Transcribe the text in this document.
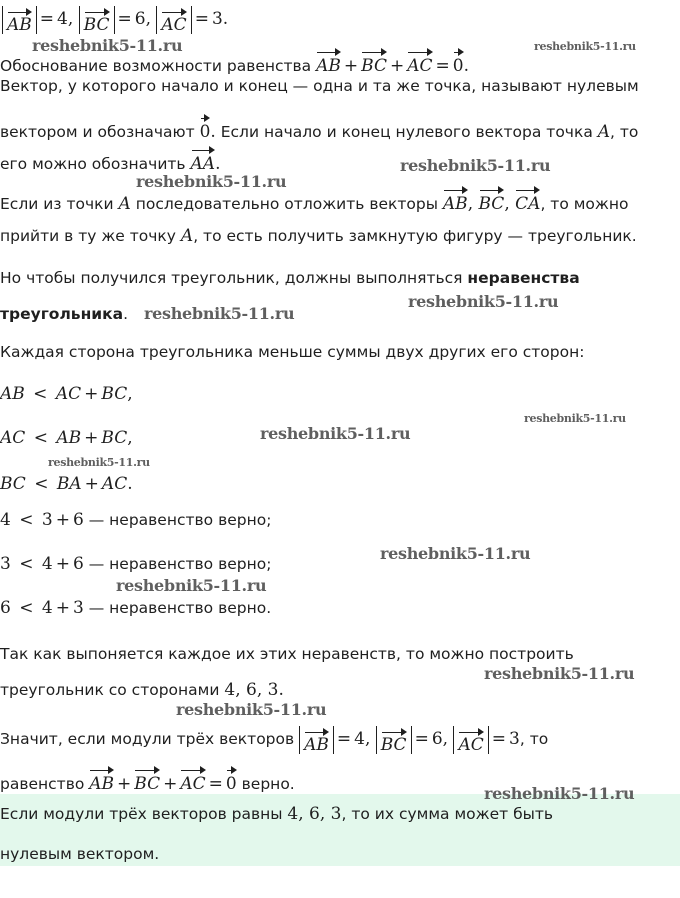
AB = 4, BC = 6, AC = 3.
Обоснование возможности равенства AB + BC + AC = 0.
Вектор, у которого начало и конец — одна и та же точка, называют нулевым
вектором и обозначают 0. Если начало и конец нулевого вектора точка A, то
его можно обозначить AA.
Если из точки A последовательно отложить векторы AB, BC, CA, то можно
прийти в ту же точку A, то есть получить замкнутую фигуру — треугольник.
Но чтобы получился треугольник, должны выполняться неравенства
треугольника.
Каждая сторона треугольника меньше суммы двух других его сторон:
AB < AC + BC,
AC < AB + BC,
BC < BA + AC.
4 < 3 + 6 — неравенство верно;
3 < 4 + 6 — неравенство верно;
6 < 4 + 3 — неравенство верно.
Так как выпоняется каждое их этих неравенств, то можно построить
треугольник со сторонами 4, 6, 3.
Значит, если модули трёх векторов AB = 4, BC = 6, AC = 3, то
равенство AB + BC + AC = 0 верно.
Если модули трёх векторов равны 4, 6, 3, то их сумма может быть
нулевым вектором.
reshebnik5-11.ru	reshebnik5-11.ru
reshebnik5-11.ru
reshebnik5-11.ru
reshebnik5-11.ru
reshebnik5-11.ru
reshebnik5-11.ru
reshebnik5-11.ru
reshebnik5-11.ru
reshebnik5-11.ru
reshebnik5-11.ru
reshebnik5-11.ru
reshebnik5-11.ru
reshebnik5-11.ru
